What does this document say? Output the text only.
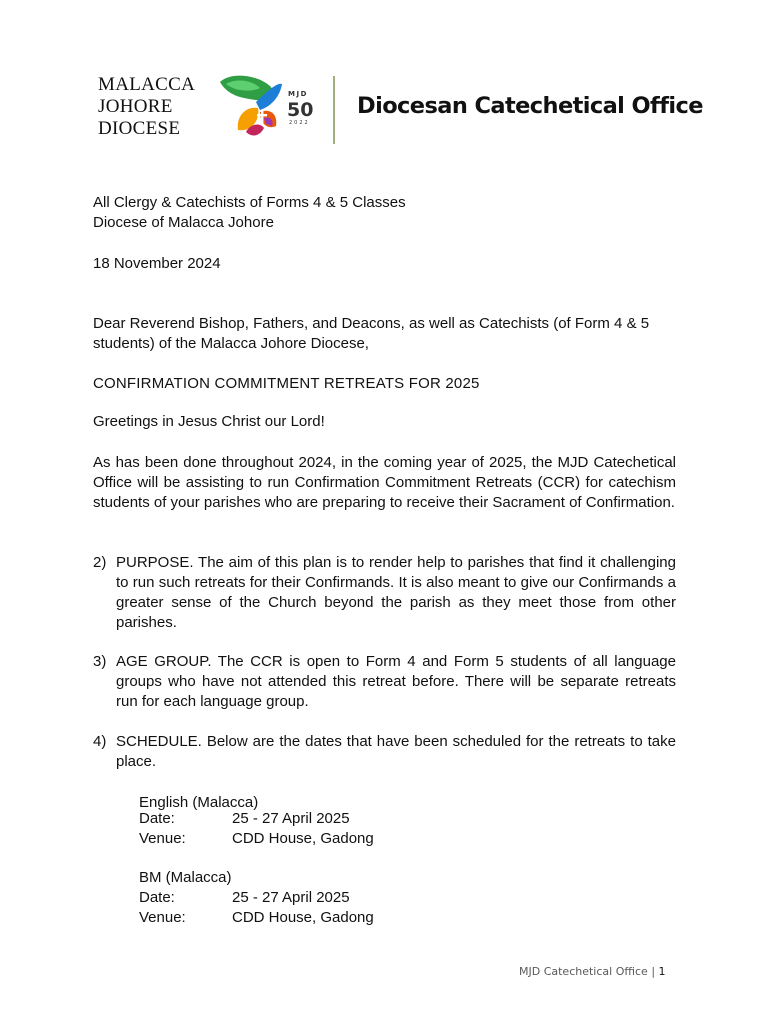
MALACCA
JOHORE
DIOCESE
MJD
50
2022
Diocesan Catechetical Office
All Clergy & Catechists of Forms 4 & 5 Classes
Diocese of Malacca Johore
18 November 2024
Dear Reverend Bishop, Fathers, and Deacons, as well as Catechists (of Form 4 & 5
students) of the Malacca Johore Diocese,
CONFIRMATION COMMITMENT RETREATS FOR 2025
Greetings in Jesus Christ our Lord!
As has been done throughout 2024, in the coming year of 2025, the MJD Catechetical Office will be assisting to run Confirmation Commitment Retreats (CCR) for catechism students of your parishes who are preparing to receive their Sacrament of Confirmation.
2) PURPOSE. The aim of this plan is to render help to parishes that find it challenging to run such retreats for their Confirmands. It is also meant to give our Confirmands a greater sense of the Church beyond the parish as they meet those from other parishes.
3) AGE GROUP. The CCR is open to Form 4 and Form 5 students of all language groups who have not attended this retreat before. There will be separate retreats run for each language group.
4) SCHEDULE. Below are the dates that have been scheduled for the retreats to take place.
English (Malacca)
Date:	25 - 27 April 2025
Venue:	CDD House, Gadong
BM (Malacca)
Date:	25 - 27 April 2025
Venue:	CDD House, Gadong
MJD Catechetical Office | 1
